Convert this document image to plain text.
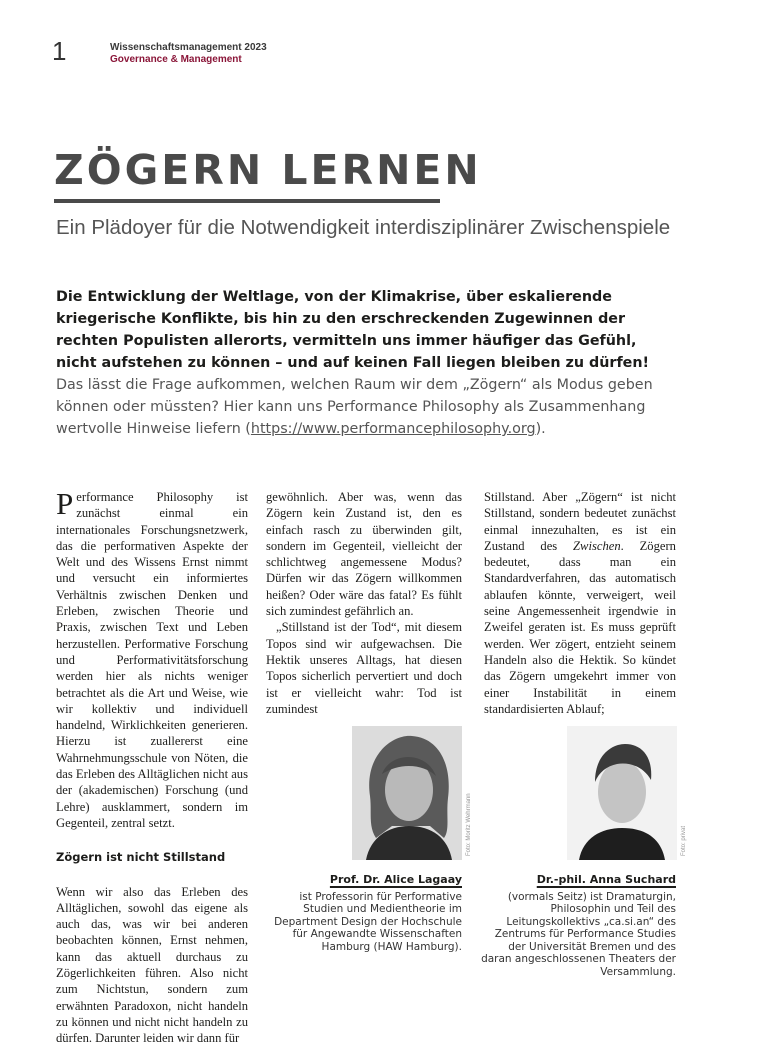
1	Wissenschaftsmanagement 2023
Governance & Management
ZÖGERN LERNEN
Ein Plädoyer für die Notwendigkeit interdisziplinärer Zwischenspiele

Die Entwicklung der Weltlage, von der Klimakrise, über eskalierende kriegerische Konflikte, bis hin zu den erschreckenden Zugewinnen der rechten Populisten allerorts, vermitteln uns immer häufiger das Gefühl, nicht aufstehen zu können – und auf keinen Fall liegen bleiben zu dürfen! Das lässt die Frage aufkommen, welchen Raum wir dem „Zögern“ als Modus geben können oder müssten? Hier kann uns Performance Philosophy als Zusammenhang wertvolle Hinweise liefern (https://www.performancephilosophy.org).

Performance Philosophy ist zunächst einmal ein internationales Forschungsnetzwerk, das die performativen Aspekte der Welt und des Wissens Ernst nimmt und versucht ein informiertes Verhältnis zwischen Denken und Erleben, zwischen Theorie und Praxis, zwischen Text und Leben herzustellen. Performative Forschung und Performativitätsforschung werden hier als nichts weniger betrachtet als die Art und Weise, wie wir kollektiv und individuell handelnd, Wirklichkeiten generieren. Hierzu ist zuallererst eine Wahrnehmungsschule von Nöten, die das Erleben des Alltäglichen nicht aus der (akademischen) Forschung (und Lehre) ausklammert, sondern im Gegenteil, zentral setzt.

Zögern ist nicht Stillstand

Wenn wir also das Erleben des Alltäglichen, sowohl das eigene als auch das, was wir bei anderen beobachten können, Ernst nehmen, kann das aktuell durchaus zu Zögerlichkeiten führen. Also nicht zum Nichtstun, sondern zum erwähnten Paradoxon, nicht handeln zu können und nicht nicht handeln zu dürfen. Darunter leiden wir dann für

gewöhnlich. Aber was, wenn das Zögern kein Zustand ist, den es einfach rasch zu überwinden gilt, sondern im Gegenteil, vielleicht der schlichtweg angemessene Modus? Dürfen wir das Zögern willkommen heißen? Oder wäre das fatal? Es fühlt sich zumindest gefährlich an.

„Stillstand ist der Tod“, mit diesem Topos sind wir aufgewachsen. Die Hektik unseres Alltags, hat diesen Topos sicherlich pervertiert und doch ist er vielleicht wahr: Tod ist zumindest

Stillstand. Aber „Zögern“ ist nicht Stillstand, sondern bedeutet zunächst einmal innezuhalten, es ist ein Zustand des Zwischen. Zögern bedeutet, dass man ein Standardverfahren, das automatisch ablaufen könnte, verweigert, weil seine Angemessenheit irgendwie in Zweifel geraten ist. Es muss geprüft werden. Wer zögert, entzieht seinem Handeln also die Hektik. So kündet das Zögern umgekehrt immer von einer Instabilität in einem standardisierten Ablauf;

Foto: Moritz Wehrmann	Foto: privat
Prof. Dr. Alice Lagaay
ist Professorin für Performative Studien und Medientheorie im Department Design der Hochschule für Angewandte Wissenschaften Hamburg (HAW Hamburg).
Dr.-phil. Anna Suchard
(vormals Seitz) ist Dramaturgin, Philosophin und Teil des Leitungskollektivs „ca.si.an“ des Zentrums für Performance Studies der Universität Bremen und des daran angeschlossenen Theaters der Versammlung.
